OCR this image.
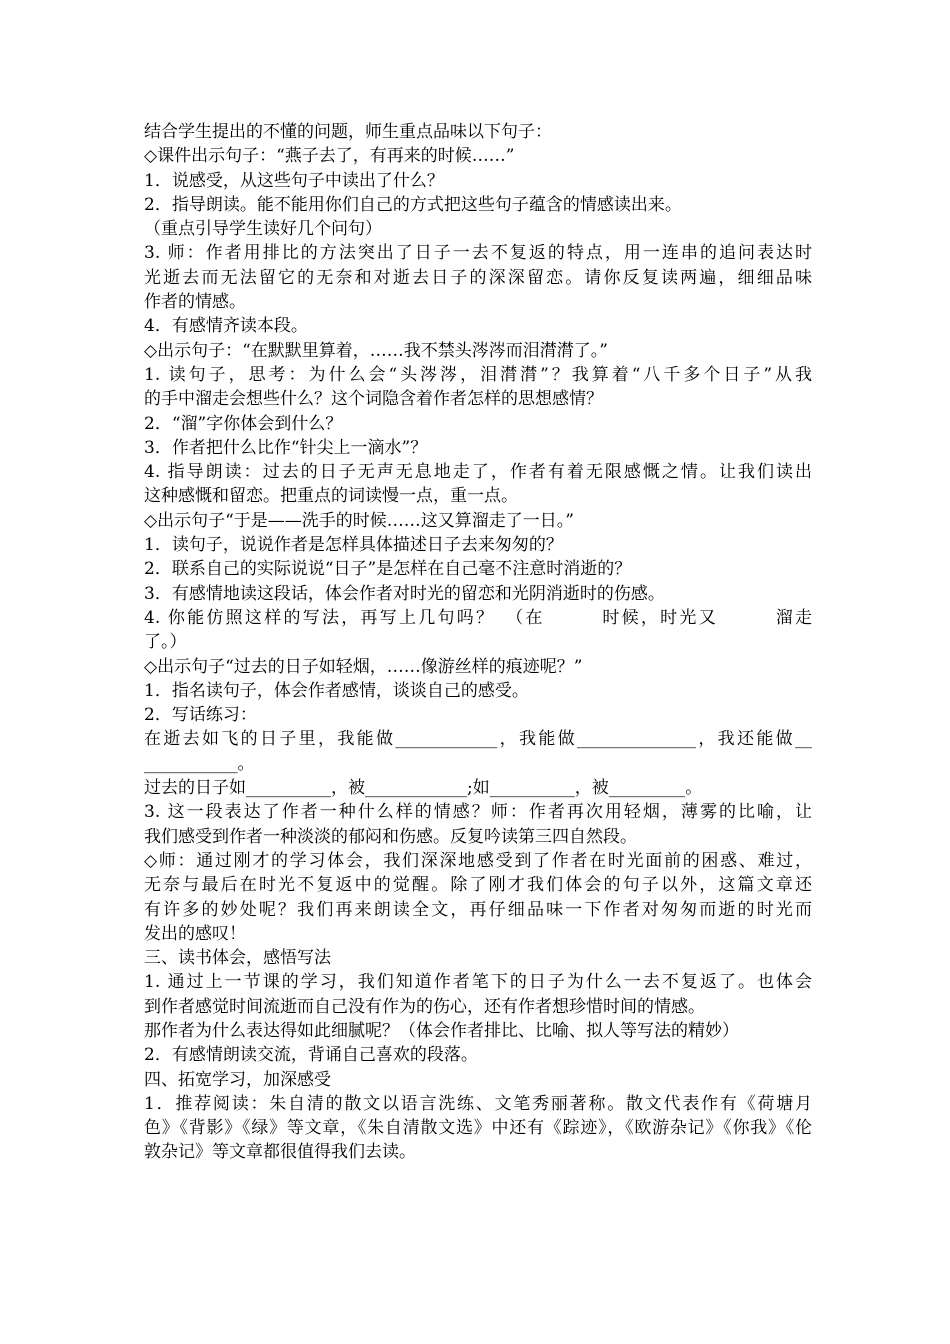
结合学生提出的不懂的问题，师生重点品味以下句子：
◇课件出示句子：“燕子去了，有再来的时候……”
1．说感受，从这些句子中读出了什么？
2．指导朗读。能不能用你们自己的方式把这些句子蕴含的情感读出来。
（重点引导学生读好几个问句）
3. 师：作者用排比的方法突出了日子一去不复返的特点，用一连串的追问表达时
光逝去而无法留它的无奈和对逝去日子的深深留恋。请你反复读两遍，细细品味
作者的情感。
4．有感情齐读本段。
◇出示句子：“在默默里算着，……我不禁头涔涔而泪潸潸了。”
1. 读句子，思考：为什么会“头涔涔，泪潸潸”？我算着“八千多个日子”从我
的手中溜走会想些什么？这个词隐含着作者怎样的思想感情？
2．“溜”字你体会到什么？
3．作者把什么比作“针尖上一滴水”？
4. 指导朗读：过去的日子无声无息地走了，作者有着无限感慨之情。让我们读出
这种感慨和留恋。把重点的词读慢一点，重一点。
◇出示句子“于是——洗手的时候……这又算溜走了一日。”
1．读句子，说说作者是怎样具体描述日子去来匆匆的？
2．联系自己的实际说说“日子”是怎样在自己毫不注意时消逝的？
3．有感情地读这段话，体会作者对时光的留恋和光阴消逝时的伤感。
4. 你能仿照这样的写法，再写上几句吗？　（在　　　时候，时光又　　　溜走
了。）
◇出示句子“过去的日子如轻烟，……像游丝样的痕迹呢？”
1．指名读句子，体会作者感情，谈谈自己的感受。
2．写话练习：
在逝去如飞的日子里，我能做____________，我能做______________，我还能做__
___________。
过去的日子如__________，被____________;如__________，被_________。
3. 这一段表达了作者一种什么样的情感？师：作者再次用轻烟，薄雾的比喻，让
我们感受到作者一种淡淡的郁闷和伤感。反复吟读第三四自然段。
◇师：通过刚才的学习体会，我们深深地感受到了作者在时光面前的困惑、难过，
无奈与最后在时光不复返中的觉醒。除了刚才我们体会的句子以外，这篇文章还
有许多的妙处呢？我们再来朗读全文，再仔细品味一下作者对匆匆而逝的时光而
发出的感叹！
三、读书体会，感悟写法
1. 通过上一节课的学习，我们知道作者笔下的日子为什么一去不复返了。也体会
到作者感觉时间流逝而自己没有作为的伤心，还有作者想珍惜时间的情感。
那作者为什么表达得如此细腻呢？（体会作者排比、比喻、拟人等写法的精妙）
2．有感情朗读交流，背诵自己喜欢的段落。
四、拓宽学习，加深感受
1．推荐阅读：朱自清的散文以语言洗练、文笔秀丽著称。散文代表作有《荷塘月
色》《背影》《绿》等文章，《朱自清散文选》中还有《踪迹》，《欧游杂记》《你我》《伦
敦杂记》等文章都很值得我们去读。
